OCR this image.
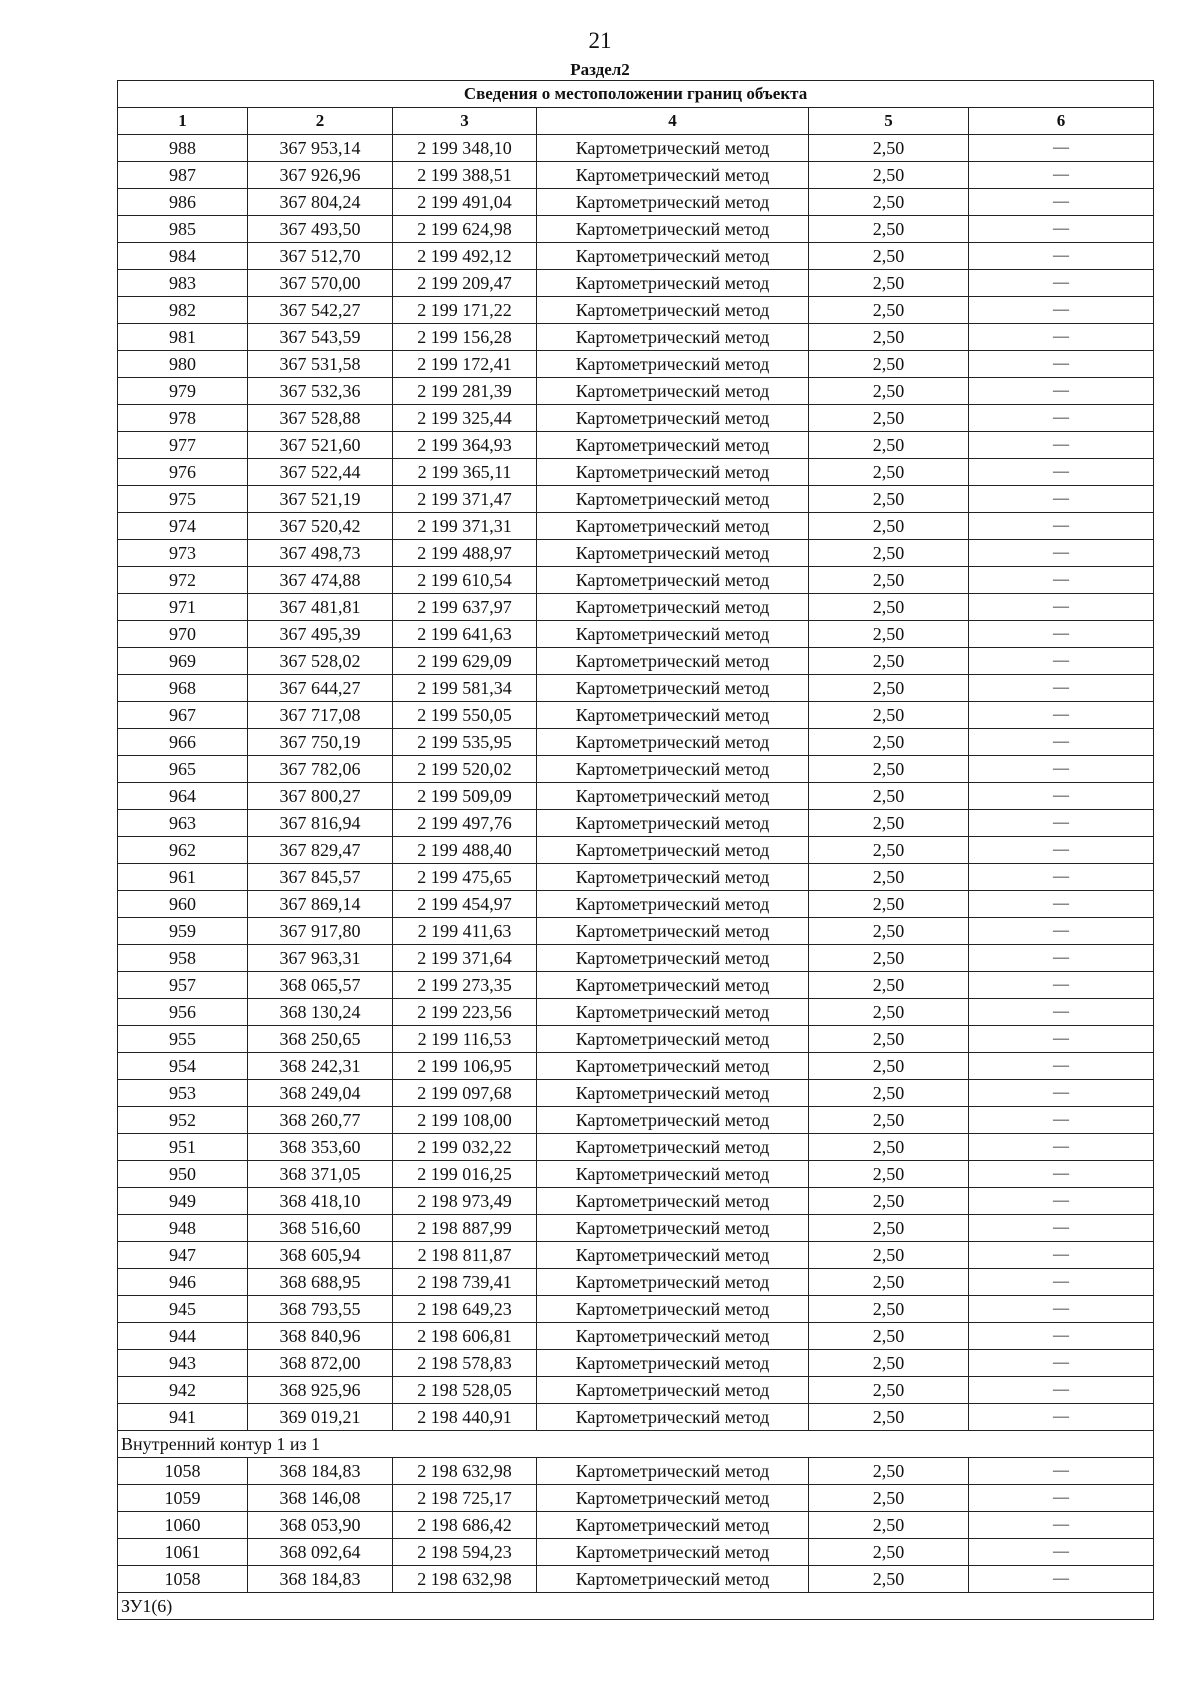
21
Раздел2
Сведения о местоположении границ объекта					
1	2	3	4	5	6
988	367 953,14	2 199 348,10	Картометрический метод	2,50	—
987	367 926,96	2 199 388,51	Картометрический метод	2,50	—
986	367 804,24	2 199 491,04	Картометрический метод	2,50	—
985	367 493,50	2 199 624,98	Картометрический метод	2,50	—
984	367 512,70	2 199 492,12	Картометрический метод	2,50	—
983	367 570,00	2 199 209,47	Картометрический метод	2,50	—
982	367 542,27	2 199 171,22	Картометрический метод	2,50	—
981	367 543,59	2 199 156,28	Картометрический метод	2,50	—
980	367 531,58	2 199 172,41	Картометрический метод	2,50	—
979	367 532,36	2 199 281,39	Картометрический метод	2,50	—
978	367 528,88	2 199 325,44	Картометрический метод	2,50	—
977	367 521,60	2 199 364,93	Картометрический метод	2,50	—
976	367 522,44	2 199 365,11	Картометрический метод	2,50	—
975	367 521,19	2 199 371,47	Картометрический метод	2,50	—
974	367 520,42	2 199 371,31	Картометрический метод	2,50	—
973	367 498,73	2 199 488,97	Картометрический метод	2,50	—
972	367 474,88	2 199 610,54	Картометрический метод	2,50	—
971	367 481,81	2 199 637,97	Картометрический метод	2,50	—
970	367 495,39	2 199 641,63	Картометрический метод	2,50	—
969	367 528,02	2 199 629,09	Картометрический метод	2,50	—
968	367 644,27	2 199 581,34	Картометрический метод	2,50	—
967	367 717,08	2 199 550,05	Картометрический метод	2,50	—
966	367 750,19	2 199 535,95	Картометрический метод	2,50	—
965	367 782,06	2 199 520,02	Картометрический метод	2,50	—
964	367 800,27	2 199 509,09	Картометрический метод	2,50	—
963	367 816,94	2 199 497,76	Картометрический метод	2,50	—
962	367 829,47	2 199 488,40	Картометрический метод	2,50	—
961	367 845,57	2 199 475,65	Картометрический метод	2,50	—
960	367 869,14	2 199 454,97	Картометрический метод	2,50	—
959	367 917,80	2 199 411,63	Картометрический метод	2,50	—
958	367 963,31	2 199 371,64	Картометрический метод	2,50	—
957	368 065,57	2 199 273,35	Картометрический метод	2,50	—
956	368 130,24	2 199 223,56	Картометрический метод	2,50	—
955	368 250,65	2 199 116,53	Картометрический метод	2,50	—
954	368 242,31	2 199 106,95	Картометрический метод	2,50	—
953	368 249,04	2 199 097,68	Картометрический метод	2,50	—
952	368 260,77	2 199 108,00	Картометрический метод	2,50	—
951	368 353,60	2 199 032,22	Картометрический метод	2,50	—
950	368 371,05	2 199 016,25	Картометрический метод	2,50	—
949	368 418,10	2 198 973,49	Картометрический метод	2,50	—
948	368 516,60	2 198 887,99	Картометрический метод	2,50	—
947	368 605,94	2 198 811,87	Картометрический метод	2,50	—
946	368 688,95	2 198 739,41	Картометрический метод	2,50	—
945	368 793,55	2 198 649,23	Картометрический метод	2,50	—
944	368 840,96	2 198 606,81	Картометрический метод	2,50	—
943	368 872,00	2 198 578,83	Картометрический метод	2,50	—
942	368 925,96	2 198 528,05	Картометрический метод	2,50	—
941	369 019,21	2 198 440,91	Картометрический метод	2,50	—
Внутренний контур 1 из 1					
1058	368 184,83	2 198 632,98	Картометрический метод	2,50	—
1059	368 146,08	2 198 725,17	Картометрический метод	2,50	—
1060	368 053,90	2 198 686,42	Картометрический метод	2,50	—
1061	368 092,64	2 198 594,23	Картометрический метод	2,50	—
1058	368 184,83	2 198 632,98	Картометрический метод	2,50	—
ЗУ1(6)					
